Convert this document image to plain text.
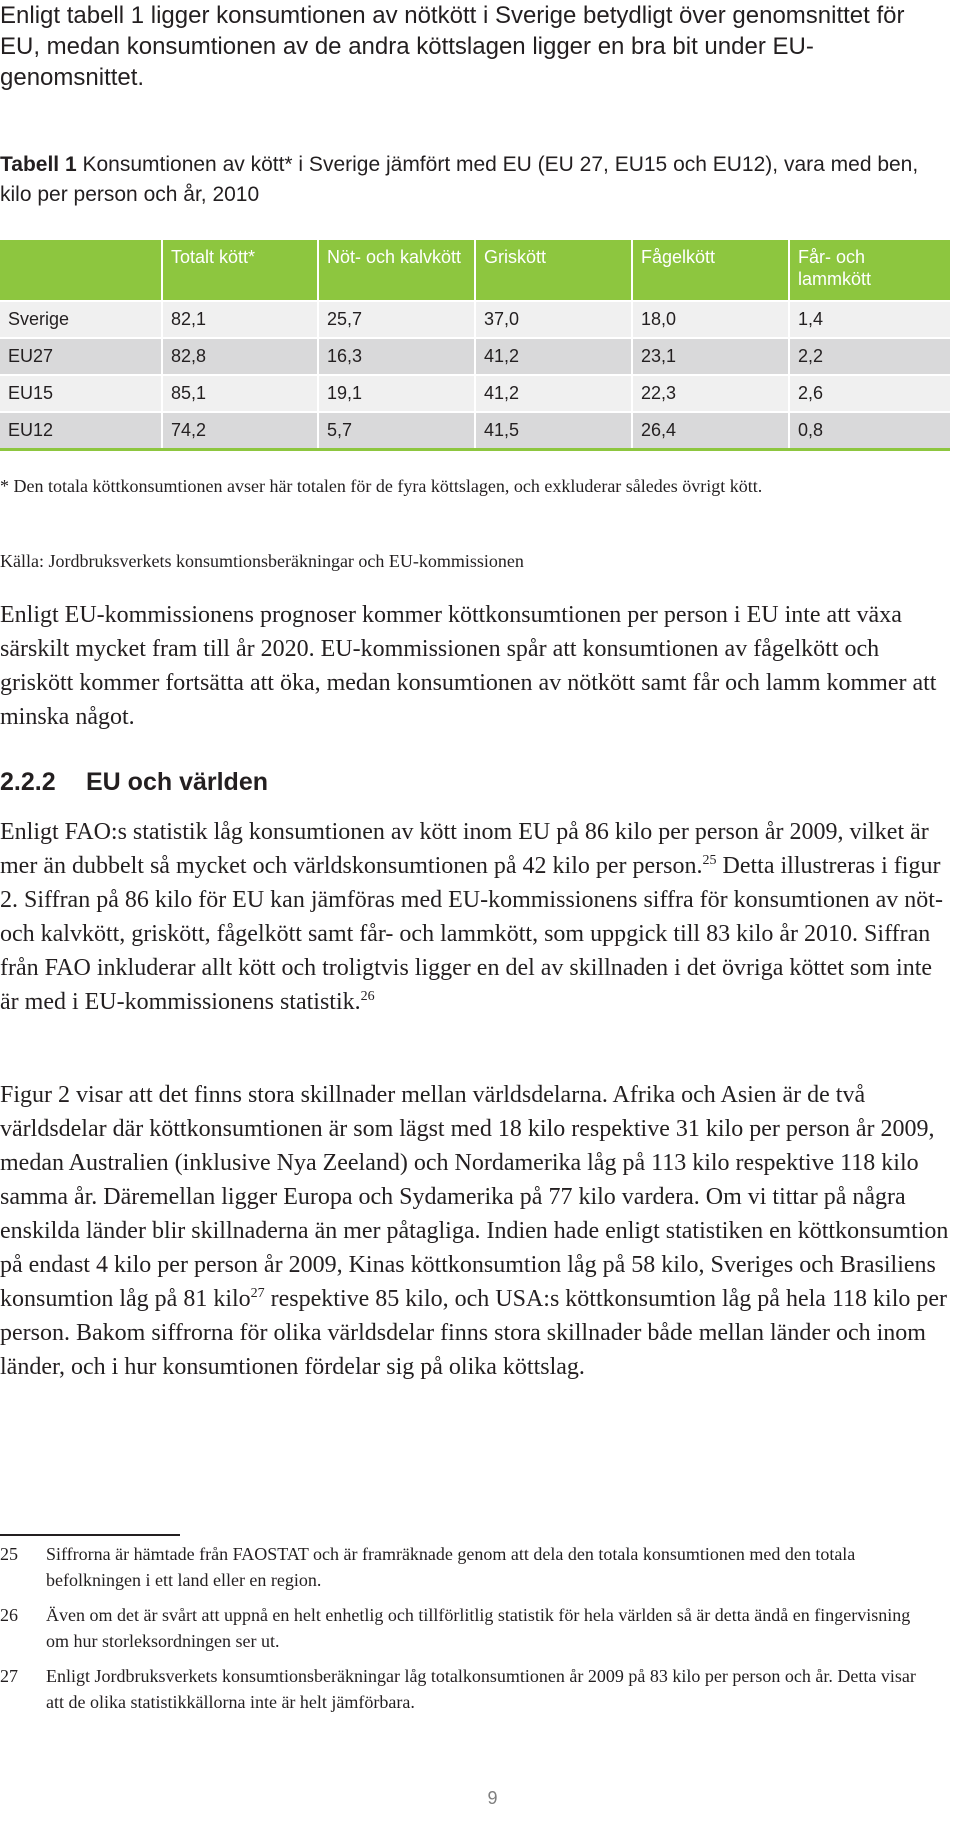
Enligt tabell 1 ligger konsumtionen av nötkött i Sverige betydligt över genomsnittet för EU, medan konsumtionen av de andra köttslagen ligger en bra bit under EU-genomsnittet.

Tabell 1 Konsumtionen av kött* i Sverige jämfört med EU (EU 27, EU15 och EU12), vara med ben, kilo per person och år, 2010

	Totalt kött*	Nöt- och kalvkött	Griskött	Fågelkött	Får- och lammkött
Sverige	82,1	25,7	37,0	18,0	1,4
EU27	82,8	16,3	41,2	23,1	2,2
EU15	85,1	19,1	41,2	22,3	2,6
EU12	74,2	5,7	41,5	26,4	0,8

* Den totala köttkonsumtionen avser här totalen för de fyra köttslagen, och exkluderar således övrigt kött.

Källa: Jordbruksverkets konsumtionsberäkningar och EU-kommissionen

Enligt EU-kommissionens prognoser kommer köttkonsumtionen per person i EU inte att växa särskilt mycket fram till år 2020. EU-kommissionen spår att konsumtionen av fågelkött och griskött kommer fortsätta att öka, medan konsumtionen av nötkött samt får och lamm kommer att minska något.

2.2.2 EU och världen

Enligt FAO:s statistik låg konsumtionen av kött inom EU på 86 kilo per person år 2009, vilket är mer än dubbelt så mycket och världskonsumtionen på 42 kilo per person.$^{25}$ Detta illustreras i figur 2. Siffran på 86 kilo för EU kan jämföras med EU-kommissionens siffra för konsumtionen av nöt- och kalvkött, griskött, fågelkött samt får- och lammkött, som uppgick till 83 kilo år 2010. Siffran från FAO inkluderar allt kött och troligtvis ligger en del av skillnaden i det övriga köttet som inte är med i EU-kommissionens statistik.$^{26}$

Figur 2 visar att det finns stora skillnader mellan världsdelarna. Afrika och Asien är de två världsdelar där köttkonsumtionen är som lägst med 18 kilo respektive 31 kilo per person år 2009, medan Australien (inklusive Nya Zeeland) och Nordamerika låg på 113 kilo respektive 118 kilo samma år. Däremellan ligger Europa och Sydamerika på 77 kilo vardera. Om vi tittar på några enskilda länder blir skillnaderna än mer påtagliga. Indien hade enligt statistiken en köttkonsumtion på endast 4 kilo per person år 2009, Kinas köttkonsumtion låg på 58 kilo, Sveriges och Brasiliens konsumtion låg på 81 kilo$^{27}$ respektive 85 kilo, och USA:s köttkonsumtion låg på hela 118 kilo per person. Bakom siffrorna för olika världsdelar finns stora skillnader både mellan länder och inom länder, och i hur konsumtionen fördelar sig på olika köttslag.

25 Siffrorna är hämtade från FAOSTAT och är framräknade genom att dela den totala konsumtionen med den totala befolkningen i ett land eller en region.

26 Även om det är svårt att uppnå en helt enhetlig och tillförlitlig statistik för hela världen så är detta ändå en fingervisning om hur storleksordningen ser ut.

27 Enligt Jordbruksverkets konsumtionsberäkningar låg totalkonsumtionen år 2009 på 83 kilo per person och år. Detta visar att de olika statistikkällorna inte är helt jämförbara.

9
